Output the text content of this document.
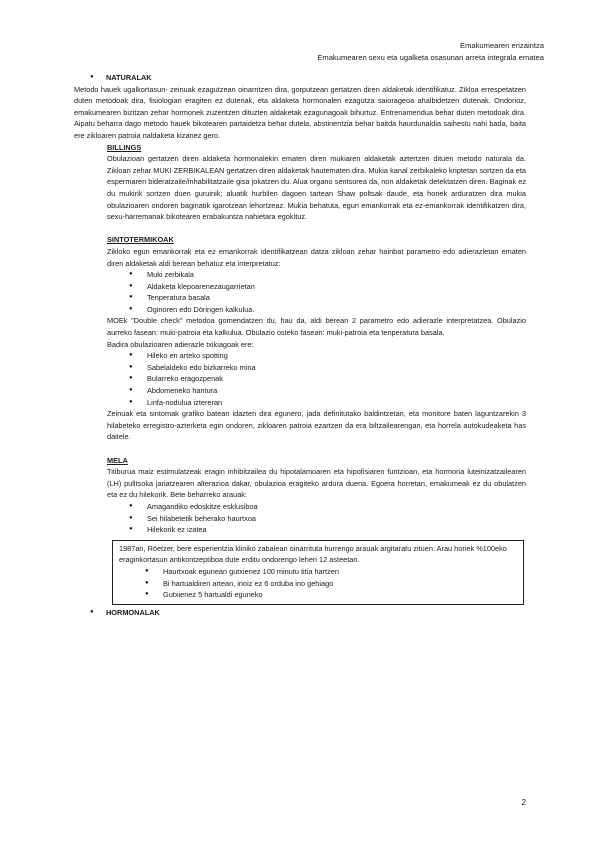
Emakumearen erizaintza
Emakumearen sexu eta ugalketa osasunari arreta integrala ematea
●	NATURALAK

Metodo hauek ugalkortasun- zeinuak ezagutzean oinarritzen dira, gorputzean gertatzen diren aldaketak identifikatuz. Zikloa errespetatzen duten metodoak dira, fisiologian eragiten ez dutenak, eta aldaketa hormonalen ezagutza saiorageoa ahalbidetzen dutenak. Ondorioz, emakumearen bizitzan zehar hormonek zuzentzen dituzten aldaketak ezagunagoak bihurtuz. Entrenamendua behar duten metodoak dira. Aipatu beharra dago metodo hauek bikotearen partaidetza behar dutela, abstinentzia behar baitda haurdunaldia saihestu nahi bada, baita ere zikloaren patroia naldaketa kizanez gero.

BILLINGS

Obulazioan gertatzen diren aldaketa hormonalekin ematen diren mukiaren aldaketak aztertzen dituen metodo naturala da. Zikloan zehar MUKI ZERBIKALEAN gertatzen diren aldaketak hautematen dira. Mukia kanal zerbikaleko kriptetan sortzen da eta espermaren bideratzaile/inhabilitatzaile gisa jokatzen du. Alua organo sentsorea da, non aldaketak detektatzen diren. Baginak ez du mukirik sortzen duen guruinik; aluatik hurbilen dagoen tartean Shaw poltsak daude, eta horiek arduratzen dira mukia obulazioaren ondoren baginatik igarotzean lehortzeaz. Mukia behatuta, egun emankorrak eta ez-emankorrak identifikatzen dira, sexu-harremanak bikotearen erabakuntza nahietara egokituz.

SINTOTERMIKOAK

Zikloko egun emankorrak eta ez emankorrak identifikatzean datza zikloan zehar hainbat parametro edo adierazletan ematen diren aldaketak aldi berean behatuz eta interpretatuz:

● Muki zerbikala
● Aldaketa klepoarenezaugarrietan
● Tenperatura basala
● Oginoren edo Döringen kalkulua.

MOEk "Double check" metodoa gomendatzen du, hau da, aldi berean 2 parametro edo adierazle interpretatzea. Obulazio aurreko fasean: muki-patroia eta kalkulua. Obulazio osteko fasean: muki-patroia eta tenperatura basala.

Badira obulazioaren adierazle txikiagoak ere:

● Hileko en arteko spotting
● Sabelaldeko edo bizkarreko mina
● Bularreko eragozpenak
● Abdomeneko hantura
● Linfa-nodulua iztereran

Zeinuak eta sintomak grafiko batean idazten dira egunero, jada definitutako baldintzetan, eta monitore baten laguntzarekin 3 hilabeteko erregistro-azterketa egin ondoren, zikloaren patroia ezartzen da era biltzailearengan, eta horrela autokudeaketa has daitele.

MELA

Titiburua maiz estimulatzeak eragin inhibitzailea du hipotalamoaren eta hipofisiaren funtzioan, eta hormona luteinizatzailearen (LH) pulltsoka jariatzearen alterazioa dakar, obulazioa eragiteko ardura duena. Egoera horretan, emakumeak ez du obulatzen eta ez du hilekorik. Bete beharreko arauak:

● Amagandiko edoskitze esklusiboa
● Sei hilabetetik beherako haurtxoa
● Hilekorik ez izatea

1987an, Röetzer, bere esperientzia kliniko zabalean oinarrituta hurrengo arauak argitaratu zituen: Arau horiek %100eko eraginkortasun antikontzeptiboa dute erditu ondorengo lehen 12 asteetan.

● Haurtxoak egunean gutxienez 100 minutu titia hartzen
● Bi hartualdiren artean, inoiz ez 6 orduba ino gehiago
● Gutxienez 5 hartualdi eguneko
●	HORMONALAK
2
